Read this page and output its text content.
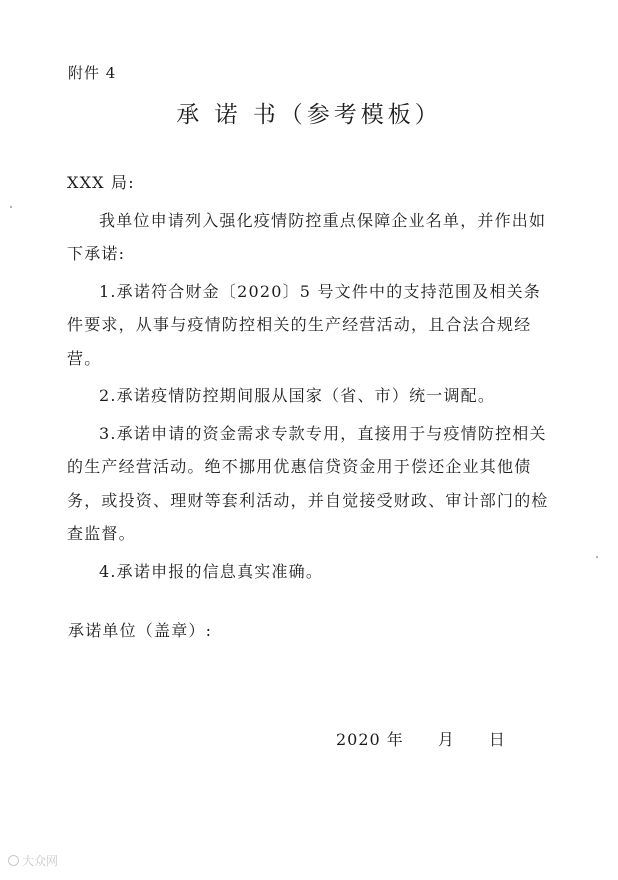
附件 4
承 诺 书（参考模板）

XXX 局:

我单位申请列入强化疫情防控重点保障企业名单，并作出如下承诺:

1.承诺符合财金〔2020〕5 号文件中的支持范围及相关条件要求，从事与疫情防控相关的生产经营活动，且合法合规经营。

2.承诺疫情防控期间服从国家（省、市）统一调配。

3.承诺申请的资金需求专款专用，直接用于与疫情防控相关的生产经营活动。绝不挪用优惠信贷资金用于偿还企业其他债务，或投资、理财等套利活动，并自觉接受财政、审计部门的检查监督。

4.承诺申报的信息真实准确。

承诺单位（盖章）:
2020 年 月 日
大众网
